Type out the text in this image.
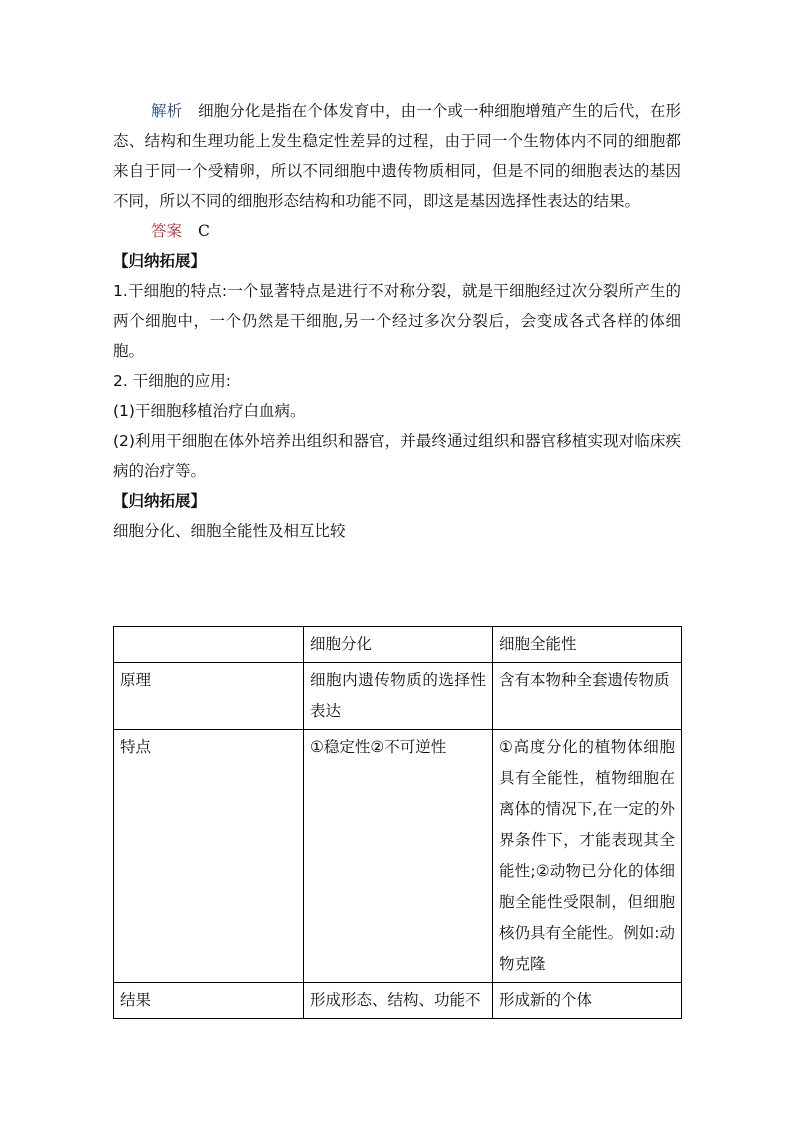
解析 细胞分化是指在个体发育中，由一个或一种细胞增殖产生的后代，在形态、结构和生理功能上发生稳定性差异的过程，由于同一个生物体内不同的细胞都来自于同一个受精卵，所以不同细胞中遗传物质相同，但是不同的细胞表达的基因不同，所以不同的细胞形态结构和功能不同，即这是基因选择性表达的结果。

答案 C

【归纳拓展】

1.干细胞的特点:一个显著特点是进行不对称分裂，就是干细胞经过次分裂所产生的两个细胞中，一个仍然是干细胞,另一个经过多次分裂后，会变成各式各样的体细胞。

2. 干细胞的应用:

(1)干细胞移植治疗白血病。

(2)利用干细胞在体外培养出组织和器官，并最终通过组织和器官移植实现对临床疾病的治疗等。

【归纳拓展】

细胞分化、细胞全能性及相互比较

	细胞分化	细胞全能性
原理	细胞内遗传物质的选择性表达	含有本物种全套遗传物质
特点	①稳定性②不可逆性	①高度分化的植物体细胞具有全能性，植物细胞在离体的情况下,在一定的外界条件下，才能表现其全能性;②动物已分化的体细胞全能性受限制，但细胞核仍具有全能性。例如:动物克隆
结果	形成形态、结构、功能不	形成新的个体
